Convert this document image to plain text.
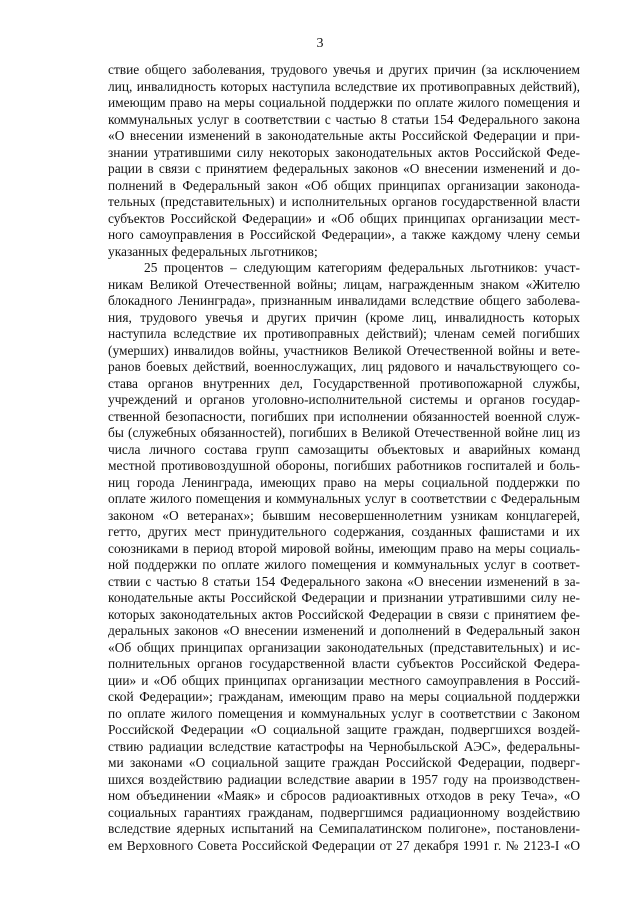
3
ствие общего заболевания, трудового увечья и других причин (за исключением
лиц, инвалидность которых наступила вследствие их противоправных действий),
имеющим право на меры социальной поддержки по оплате жилого помещения и
коммунальных услуг в соответствии с частью 8 статьи 154 Федерального закона
«О внесении изменений в законодательные акты Российской Федерации и при-
знании утратившими силу некоторых законодательных актов Российской Феде-
рации в связи с принятием федеральных законов «О внесении изменений и до-
полнений в Федеральный закон «Об общих принципах организации законода-
тельных (представительных) и исполнительных органов государственной власти
субъектов Российской Федерации» и «Об общих принципах организации мест-
ного самоуправления в Российской Федерации», а также каждому члену семьи
указанных федеральных льготников;
25 процентов – следующим категориям федеральных льготников: участ-
никам Великой Отечественной войны; лицам, награжденным знаком «Жителю
блокадного Ленинграда», признанным инвалидами вследствие общего заболева-
ния, трудового увечья и других причин (кроме лиц, инвалидность которых
наступила вследствие их противоправных действий); членам семей погибших
(умерших) инвалидов войны, участников Великой Отечественной войны и вете-
ранов боевых действий, военнослужащих, лиц рядового и начальствующего со-
става органов внутренних дел, Государственной противопожарной службы,
учреждений и органов уголовно-исполнительной системы и органов государ-
ственной безопасности, погибших при исполнении обязанностей военной служ-
бы (служебных обязанностей), погибших в Великой Отечественной войне лиц из
числа личного состава групп самозащиты объектовых и аварийных команд
местной противовоздушной обороны, погибших работников госпиталей и боль-
ниц города Ленинграда, имеющих право на меры социальной поддержки по
оплате жилого помещения и коммунальных услуг в соответствии с Федеральным
законом «О ветеранах»; бывшим несовершеннолетним узникам концлагерей,
гетто, других мест принудительного содержания, созданных фашистами и их
союзниками в период второй мировой войны, имеющим право на меры социаль-
ной поддержки по оплате жилого помещения и коммунальных услуг в соответ-
ствии с частью 8 статьи 154 Федерального закона «О внесении изменений в за-
конодательные акты Российской Федерации и признании утратившими силу не-
которых законодательных актов Российской Федерации в связи с принятием фе-
деральных законов «О внесении изменений и дополнений в Федеральный закон
«Об общих принципах организации законодательных (представительных) и ис-
полнительных органов государственной власти субъектов Российской Федера-
ции» и «Об общих принципах организации местного самоуправления в Россий-
ской Федерации»; гражданам, имеющим право на меры социальной поддержки
по оплате жилого помещения и коммунальных услуг в соответствии с Законом
Российской Федерации «О социальной защите граждан, подвергшихся воздей-
ствию радиации вследствие катастрофы на Чернобыльской АЭС», федеральны-
ми законами «О социальной защите граждан Российской Федерации, подверг-
шихся воздействию радиации вследствие аварии в 1957 году на производствен-
ном объединении «Маяк» и сбросов радиоактивных отходов в реку Теча», «О
социальных гарантиях гражданам, подвергшимся радиационному воздействию
вследствие ядерных испытаний на Семипалатинском полигоне», постановлени-
ем Верховного Совета Российской Федерации от 27 декабря 1991 г. № 2123-I «О
